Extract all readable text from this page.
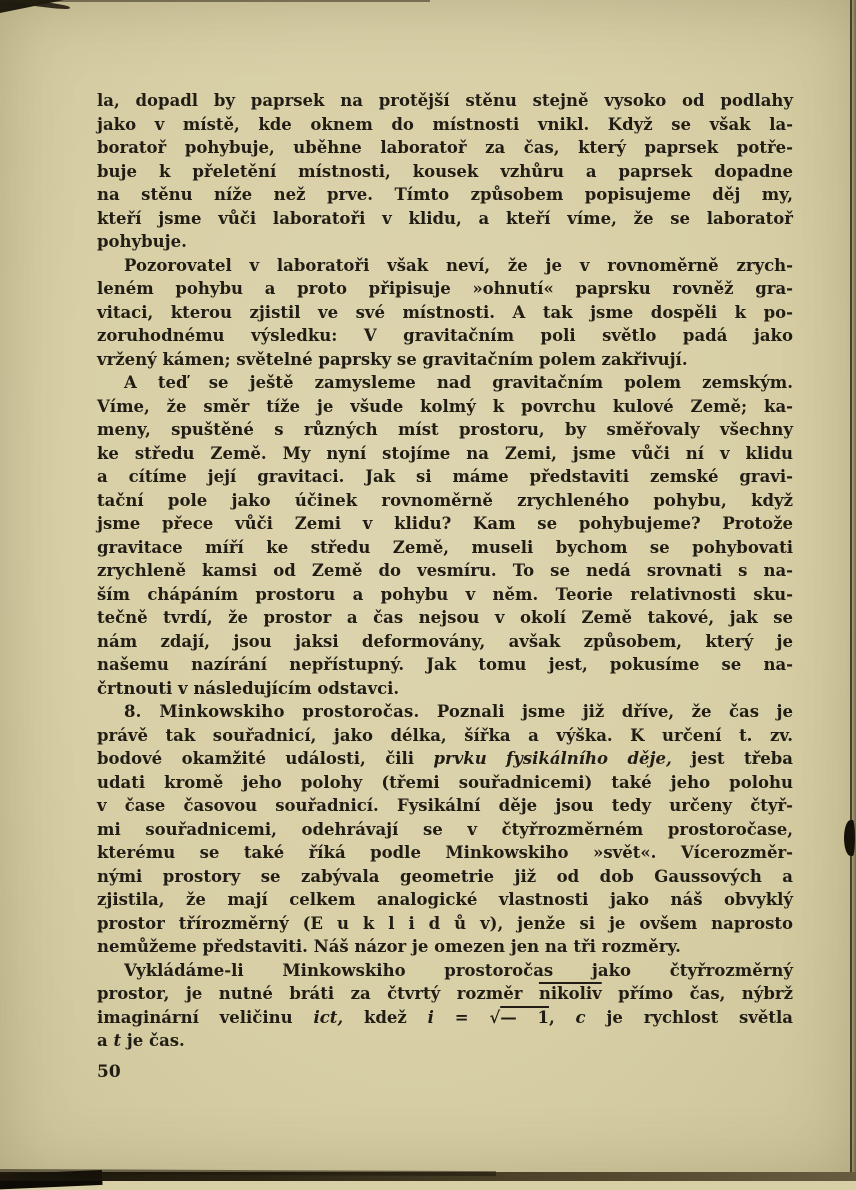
la, dopadl by paprsek na protější stěnu stejně vysoko od podlahy
jako v místě, kde oknem do místnosti vnikl. Když se však la-
boratoř pohybuje, uběhne laboratoř za čas, který paprsek potře-
buje k přeletění místnosti, kousek vzhůru a paprsek dopadne
na stěnu níže než prve. Tímto způsobem popisujeme děj my,
kteří jsme vůči laboratoři v klidu, a kteří víme, že se laboratoř
pohybuje.
Pozorovatel v laboratoři však neví, že je v rovnoměrně zrych-
leném pohybu a proto připisuje »ohnutí« paprsku rovněž gra-
vitaci, kterou zjistil ve své místnosti. A tak jsme dospěli k po-
zoruhodnému výsledku: V gravitačním poli světlo padá jako
vržený kámen; světelné paprsky se gravitačním polem zakřivují.
A teď se ještě zamysleme nad gravitačním polem zemským.
Víme, že směr tíže je všude kolmý k povrchu kulové Země; ka-
meny, spuštěné s různých míst prostoru, by směřovaly všechny
ke středu Země. My nyní stojíme na Zemi, jsme vůči ní v klidu
a cítíme její gravitaci. Jak si máme představiti zemské gravi-
tační pole jako účinek rovnoměrně zrychleného pohybu, když
jsme přece vůči Zemi v klidu? Kam se pohybujeme? Protože
gravitace míří ke středu Země, museli bychom se pohybovati
zrychleně kamsi od Země do vesmíru. To se nedá srovnati s na-
ším chápáním prostoru a pohybu v něm. Teorie relativnosti sku-
tečně tvrdí, že prostor a čas nejsou v okolí Země takové, jak se
nám zdají, jsou jaksi deformovány, avšak způsobem, který je
našemu nazírání nepřístupný. Jak tomu jest, pokusíme se na-
črtnouti v následujícím odstavci.
8. Minkowskiho prostoročas. Poznali jsme již dříve, že čas je
právě tak souřadnicí, jako délka, šířka a výška. K určení t. zv.
bodové okamžité události, čili prvku fysikálního děje, jest třeba
udati kromě jeho polohy (třemi souřadnicemi) také jeho polohu
v čase časovou souřadnicí. Fysikální děje jsou tedy určeny čtyř-
mi souřadnicemi, odehrávají se v čtyřrozměrném prostoročase,
kterému se také říká podle Minkowskiho »svět«. Vícerozměr-
nými prostory se zabývala geometrie již od dob Gaussových a
zjistila, že mají celkem analogické vlastnosti jako náš obvyklý
prostor třírozměrný (E u k l i d ů v), jenže si je ovšem naprosto
nemůžeme představiti. Náš názor je omezen jen na tři rozměry.
Vykládáme-li Minkowskiho prostoročas jako čtyřrozměrný
prostor, je nutné bráti za čtvrtý rozměr nikoliv přímo čas, nýbrž
imaginární veličinu ict, kdež i = √— 1, c je rychlost světla
a t je čas.
50
